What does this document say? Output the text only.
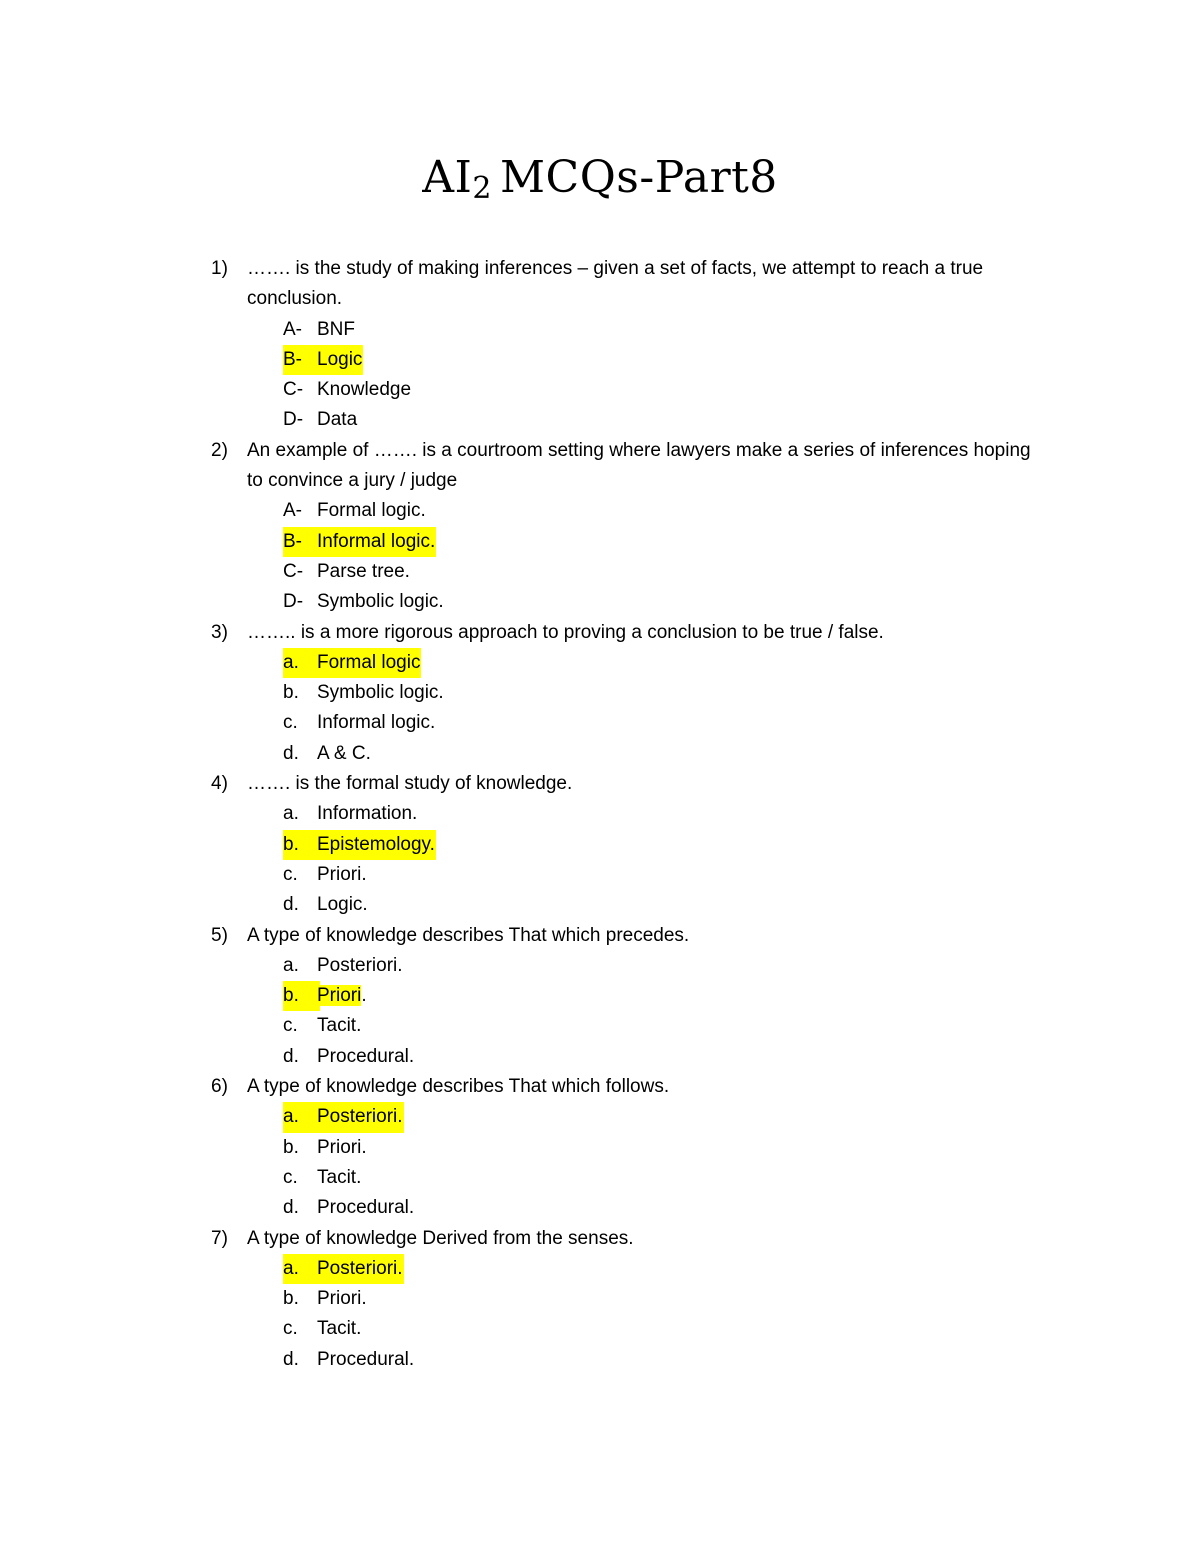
$AI_2$ MCQs-Part8
1)	……. is the study of making inferences – given a set of facts, we attempt to reach a true
conclusion.
A- BNF
B- Logic
C- Knowledge
D- Data
2)	An example of ……. is a courtroom setting where lawyers make a series of inferences hoping
to convince a jury / judge
A- Formal logic.
B- Informal logic.
C- Parse tree.
D- Symbolic logic.
3)	…….. is a more rigorous approach to proving a conclusion to be true / false.
a. Formal logic
b. Symbolic logic.
c. Informal logic.
d. A & C.
4)	……. is the formal study of knowledge.
a. Information.
b. Epistemology.
c. Priori.
d. Logic.
5)	A type of knowledge describes That which precedes.
a. Posteriori.
b. Priori.
c. Tacit.
d. Procedural.
6)	A type of knowledge describes That which follows.
a. Posteriori.
b. Priori.
c. Tacit.
d. Procedural.
7)	A type of knowledge Derived from the senses.
a. Posteriori.
b. Priori.
c. Tacit.
d. Procedural.
